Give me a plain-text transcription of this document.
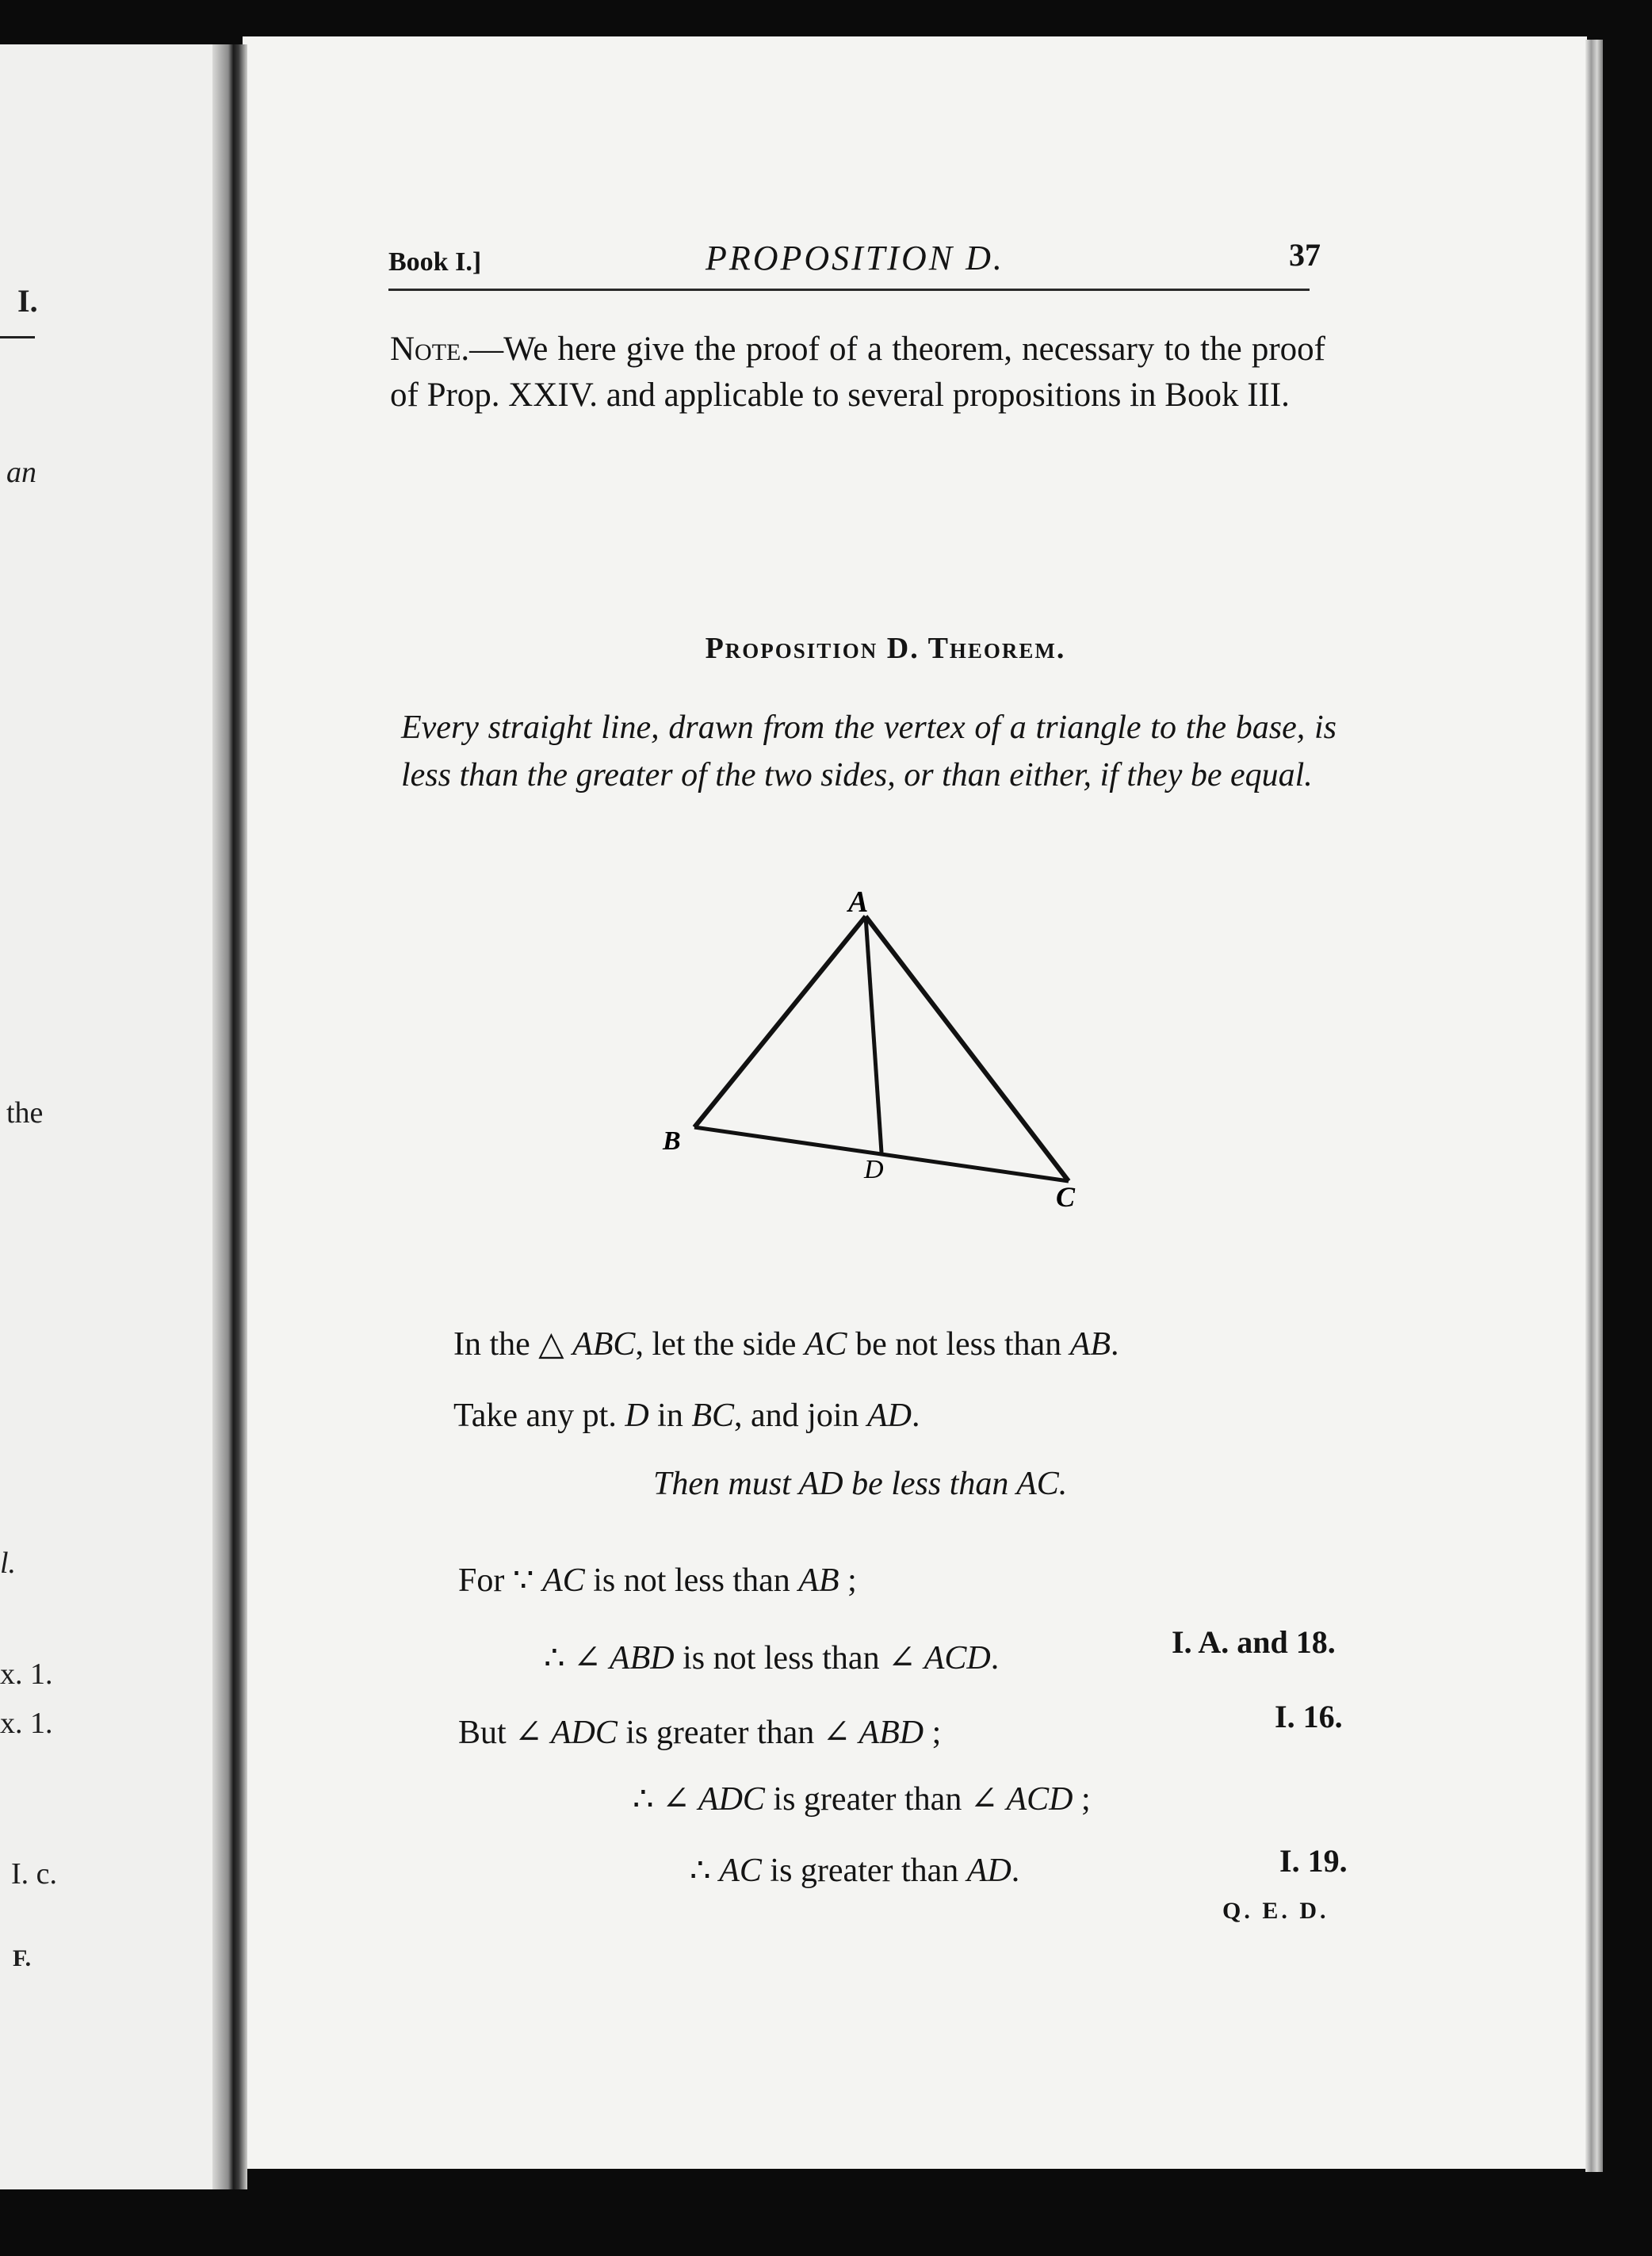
I.
an
the
l.
x. 1.
x. 1.
I. c.
F.
Book I.]	PROPOSITION D.	37
Note.—We here give the proof of a theorem, necessary to the proof of Prop. XXIV. and applicable to several propositions in Book III.
Proposition D. Theorem.
Every straight line, drawn from the vertex of a triangle to the base, is less than the greater of the two sides, or than either, if they be equal.
A
B
D
C
In the △ ABC, let the side AC be not less than AB.
Take any pt. D in BC, and join AD.
Then must AD be less than AC.
For ∵ AC is not less than AB ;
∴ ∠ ABD is not less than ∠ ACD.	I. A. and 18.
But ∠ ADC is greater than ∠ ABD ;	I. 16.
∴ ∠ ADC is greater than ∠ ACD ;
∴ AC is greater than AD.	I. 19.
Q. E. D.
